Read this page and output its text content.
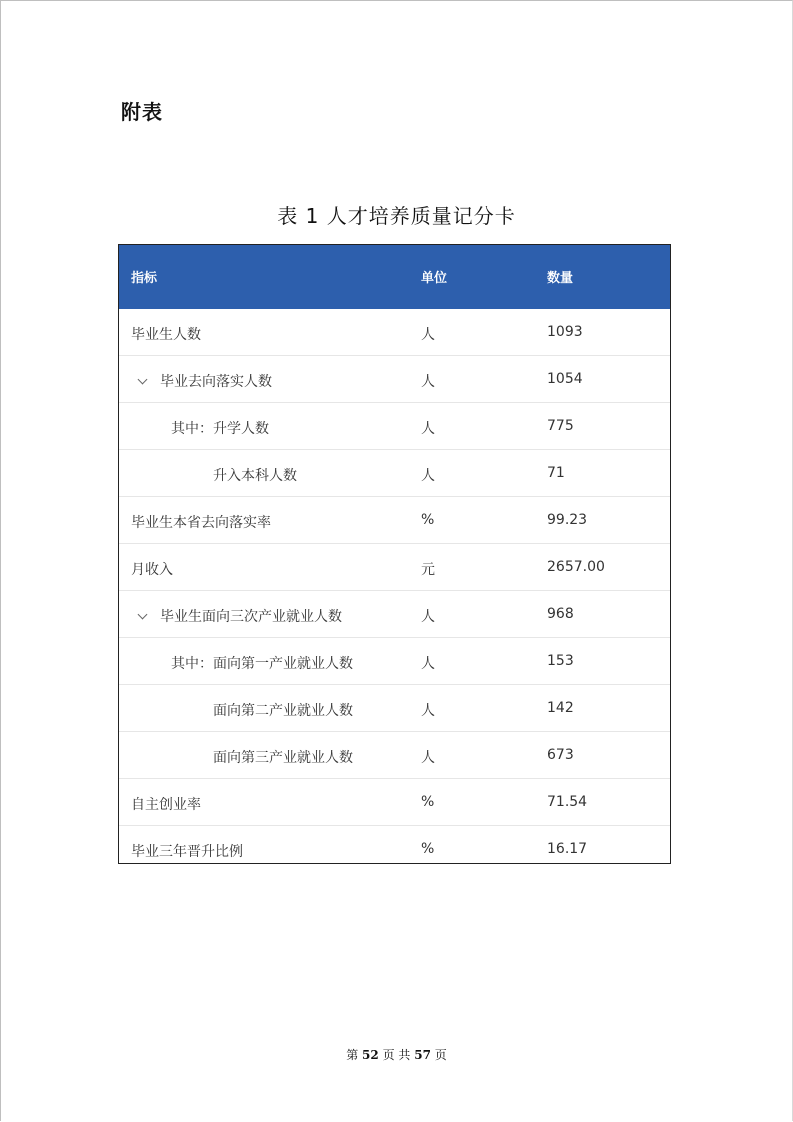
附表
表 1 人才培养质量记分卡
指标	单位	数量
毕业生人数	人	1093
毕业去向落实人数	人	1054
其中：升学人数	人	775
升入本科人数	人	71
毕业生本省去向落实率	%	99.23
月收入	元	2657.00
毕业生面向三次产业就业人数	人	968
其中：面向第一产业就业人数	人	153
面向第二产业就业人数	人	142
面向第三产业就业人数	人	673
自主创业率	%	71.54
毕业三年晋升比例	%	16.17
第 52 页 共 57 页
